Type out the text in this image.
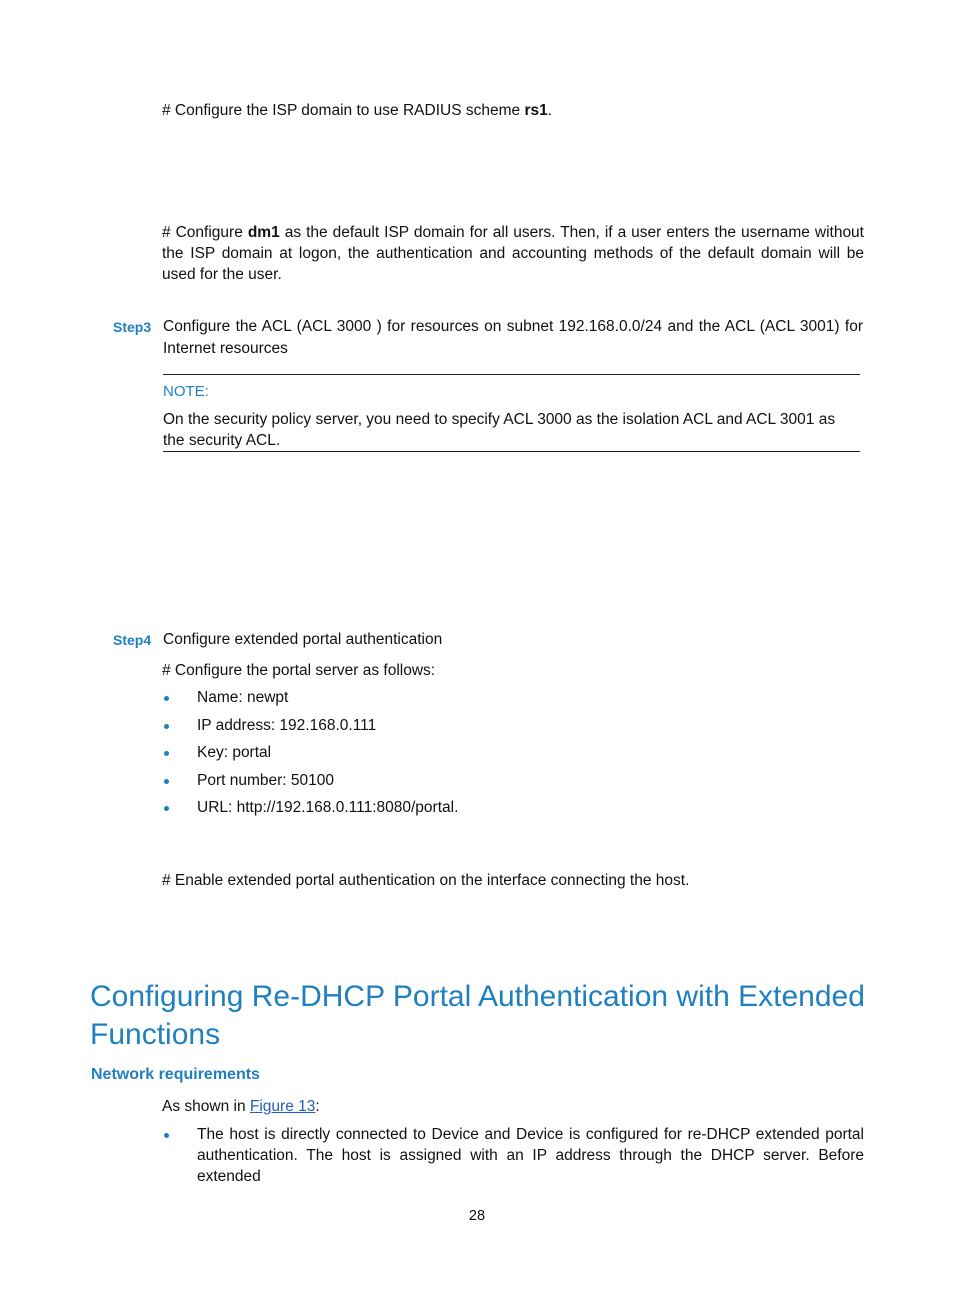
# Configure the ISP domain to use RADIUS scheme rs1.
# Configure dm1 as the default ISP domain for all users. Then, if a user enters the username without the ISP domain at logon, the authentication and accounting methods of the default domain will be used for the user.
Step3 Configure the ACL (ACL 3000 ) for resources on subnet 192.168.0.0/24 and the ACL (ACL 3001) for Internet resources
NOTE:
On the security policy server, you need to specify ACL 3000 as the isolation ACL and ACL 3001 as the security ACL.
Step4 Configure extended portal authentication
# Configure the portal server as follows:
Name: newpt
IP address: 192.168.0.111
Key: portal
Port number: 50100
URL: http://192.168.0.111:8080/portal.
# Enable extended portal authentication on the interface connecting the host.
Configuring Re-DHCP Portal Authentication with Extended Functions
Network requirements
As shown in Figure 13:
The host is directly connected to Device and Device is configured for re-DHCP extended portal authentication. The host is assigned with an IP address through the DHCP server. Before extended
28
